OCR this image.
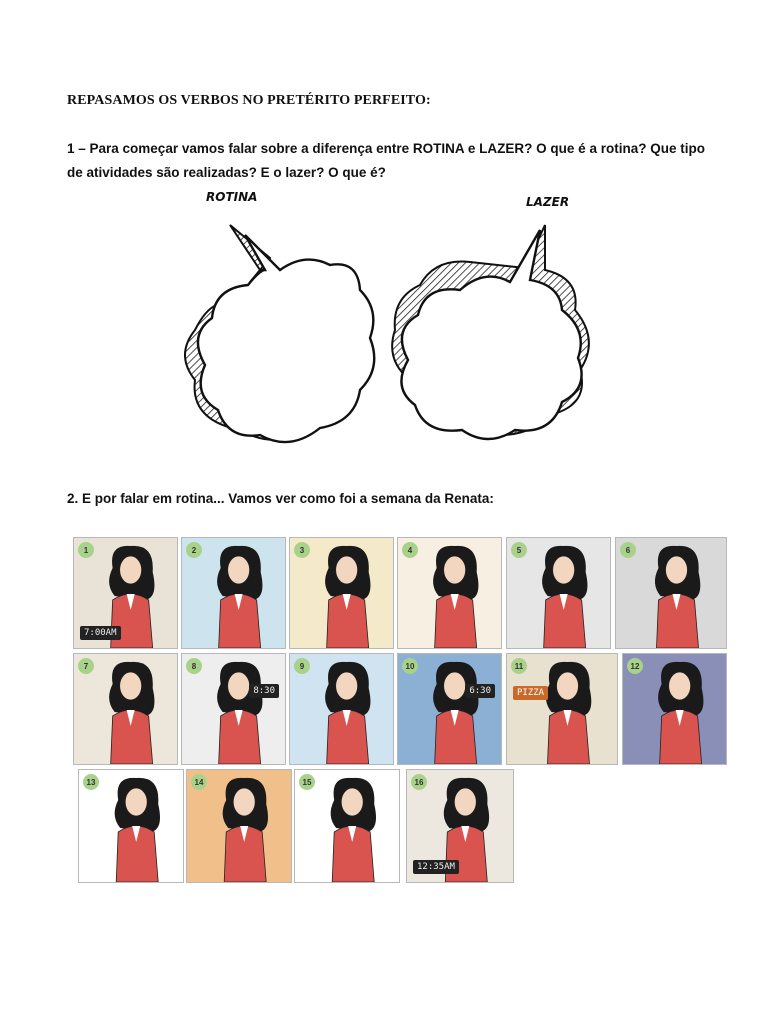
REPASAMOS OS VERBOS NO PRETÉRITO PERFEITO:
1 – Para começar vamos falar sobre a diferença entre ROTINA e LAZER? O que é a rotina? Que tipo de atividades são realizadas? E o lazer? O que é?
ROTINA	LAZER
2. E por falar em rotina... Vamos ver como foi a semana da Renata:
1
7:00AM
2	3	4	5	6
7	8
8:30
9	10
6:30
11
PIZZA
12
13	14	15	16
12:35AM
